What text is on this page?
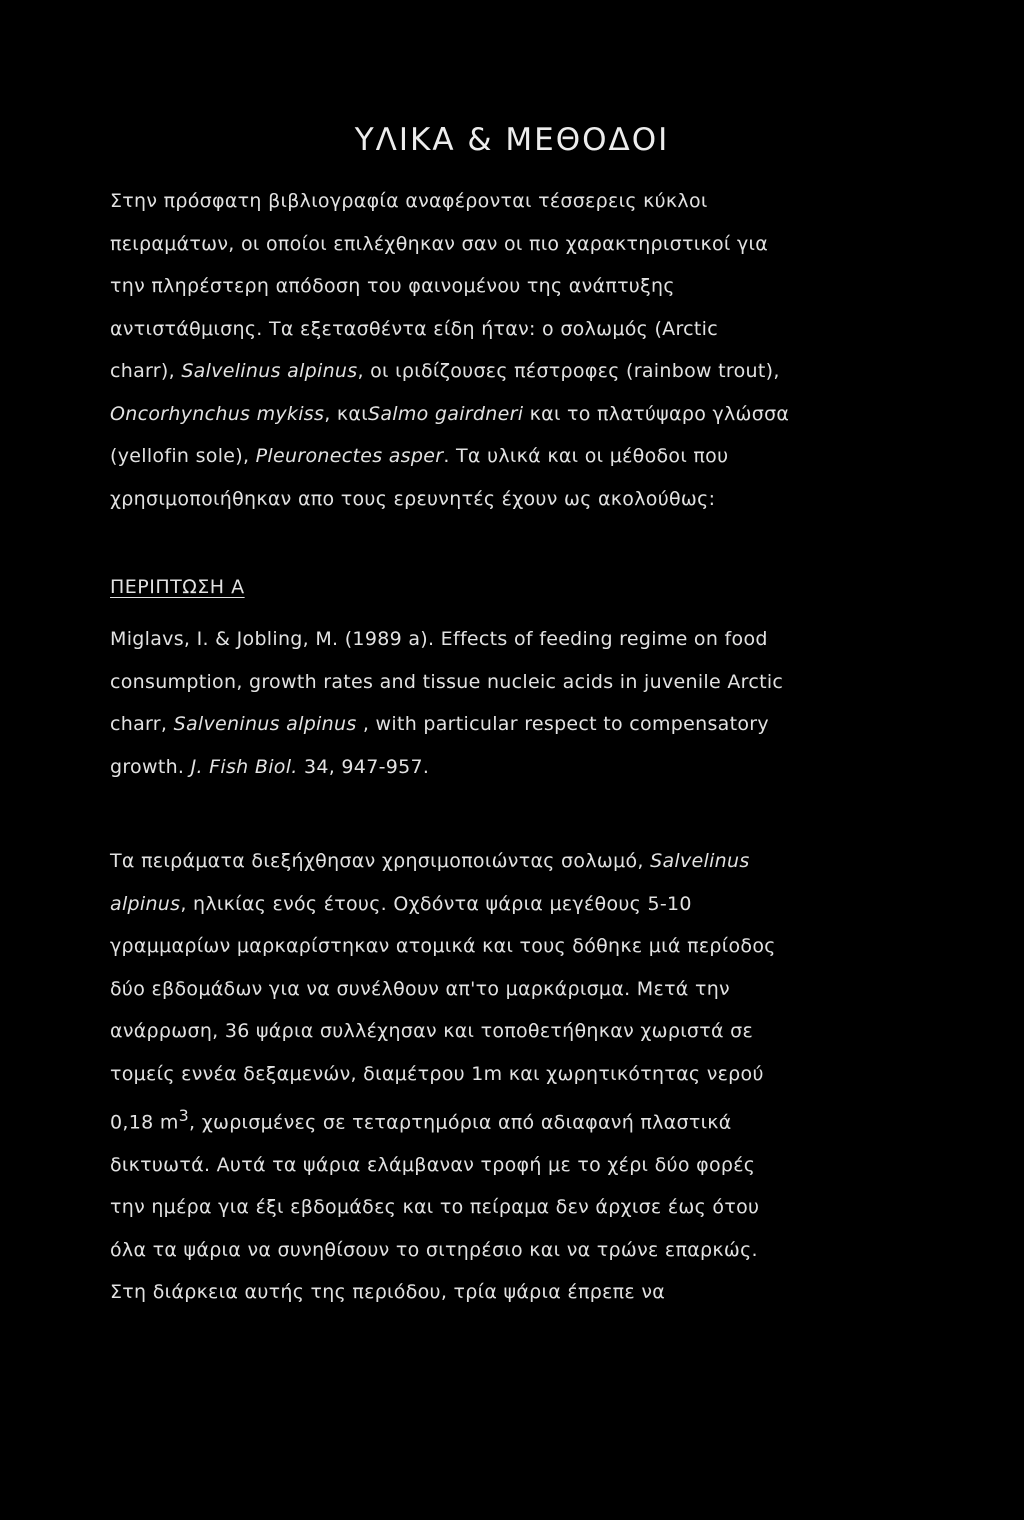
ΥΛΙΚΑ & ΜΕΘΟΔΟΙ
Στην πρόσφατη βιβλιογραφία αναφέρονται τέσσερεις κύκλοι
πειραμάτων, οι οποίοι επιλέχθηκαν σαν οι πιο χαρακτηριστικοί για
την πληρέστερη απόδοση του φαινομένου της ανάπτυξης
αντιστάθμισης. Τα εξετασθέντα είδη ήταν: ο σολωμός (Arctic
charr), Salvelinus alpinus, οι ιριδίζουσες πέστροφες (rainbow trout),
Oncorhynchus mykiss, καιSalmo gairdneri και το πλατύψαρο γλώσσα
(yellofin sole), Pleuronectes asper. Τα υλικά και οι μέθοδοι που
χρησιμοποιήθηκαν απο τους ερευνητές έχουν ως ακολούθως:
ΠΕΡΙΠΤΩΣΗ Α
Miglavs, I. & Jobling, M. (1989 a). Effects of feeding regime on food
consumption, growth rates and tissue nucleic acids in juvenile Arctic
charr, Salveninus alpinus , with particular respect to compensatory
growth. J. Fish Biol. 34, 947-957.
Τα πειράματα διεξήχθησαν χρησιμοποιώντας σολωμό, Salvelinus
alpinus, ηλικίας ενός έτους. Οχδόντα ψάρια μεγέθους 5-10
γραμμαρίων μαρκαρίστηκαν ατομικά και τους δόθηκε μιά περίοδος
δύο εβδομάδων για να συνέλθουν απ'το μαρκάρισμα. Μετά την
ανάρρωση, 36 ψάρια συλλέχησαν και τοποθετήθηκαν χωριστά σε
τομείς εννέα δεξαμενών, διαμέτρου 1m και χωρητικότητας νερού
0,18 $m^3$, χωρισμένες σε τεταρτημόρια από αδιαφανή πλαστικά
δικτυωτά. Αυτά τα ψάρια ελάμβαναν τροφή με το χέρι δύο φορές
την ημέρα για έξι εβδομάδες και το πείραμα δεν άρχισε έως ότου
όλα τα ψάρια να συνηθίσουν το σιτηρέσιο και να τρώνε επαρκώς.
Στη διάρκεια αυτής της περιόδου, τρία ψάρια έπρεπε να
